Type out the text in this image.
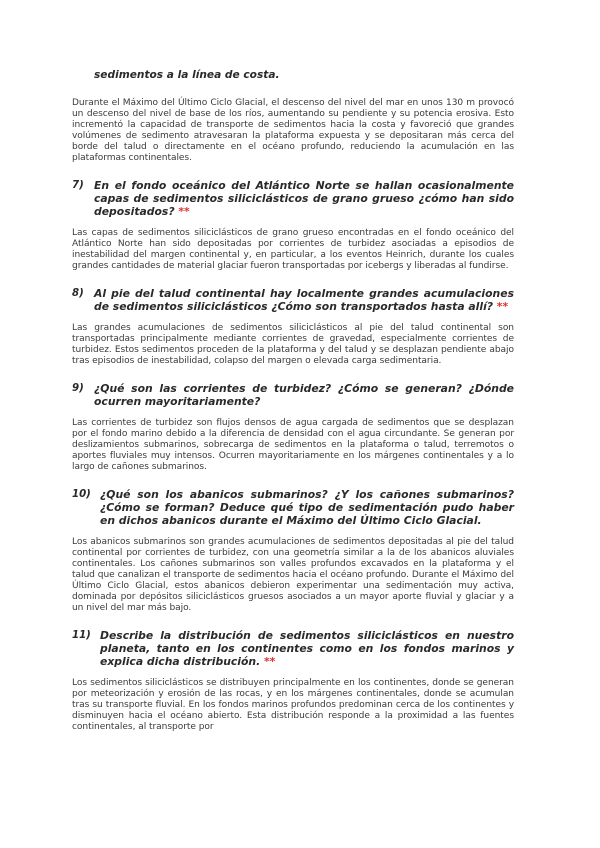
sedimentos a la línea de costa.
Durante el Máximo del Último Ciclo Glacial, el descenso del nivel del mar en unos 130 m provocó un descenso del nivel de base de los ríos, aumentando su pendiente y su potencia erosiva. Esto incrementó la capacidad de transporte de sedimentos hacia la costa y favoreció que grandes volúmenes de sedimento atravesaran la plataforma expuesta y se depositaran más cerca del borde del talud o directamente en el océano profundo, reduciendo la acumulación en las plataformas continentales.
7) En el fondo oceánico del Atlántico Norte se hallan ocasionalmente capas de sedimentos siliciclásticos de grano grueso ¿cómo han sido depositados? **
Las capas de sedimentos siliciclásticos de grano grueso encontradas en el fondo oceánico del Atlántico Norte han sido depositadas por corrientes de turbidez asociadas a episodios de inestabilidad del margen continental y, en particular, a los eventos Heinrich, durante los cuales grandes cantidades de material glaciar fueron transportadas por icebergs y liberadas al fundirse.
8) Al pie del talud continental hay localmente grandes acumulaciones de sedimentos siliciclásticos ¿Cómo son transportados hasta allí? **
Las grandes acumulaciones de sedimentos siliciclásticos al pie del talud continental son transportadas principalmente mediante corrientes de gravedad, especialmente corrientes de turbidez. Estos sedimentos proceden de la plataforma y del talud y se desplazan pendiente abajo tras episodios de inestabilidad, colapso del margen o elevada carga sedimentaria.
9) ¿Qué son las corrientes de turbidez? ¿Cómo se generan? ¿Dónde ocurren mayoritariamente?
Las corrientes de turbidez son flujos densos de agua cargada de sedimentos que se desplazan por el fondo marino debido a la diferencia de densidad con el agua circundante. Se generan por deslizamientos submarinos, sobrecarga de sedimentos en la plataforma o talud, terremotos o aportes fluviales muy intensos. Ocurren mayoritariamente en los márgenes continentales y a lo largo de cañones submarinos.
10) ¿Qué son los abanicos submarinos? ¿Y los cañones submarinos? ¿Cómo se forman? Deduce qué tipo de sedimentación pudo haber en dichos abanicos durante el Máximo del Último Ciclo Glacial.
Los abanicos submarinos son grandes acumulaciones de sedimentos depositadas al pie del talud continental por corrientes de turbidez, con una geometría similar a la de los abanicos aluviales continentales. Los cañones submarinos son valles profundos excavados en la plataforma y el talud que canalizan el transporte de sedimentos hacia el océano profundo. Durante el Máximo del Último Ciclo Glacial, estos abanicos debieron experimentar una sedimentación muy activa, dominada por depósitos siliciclásticos gruesos asociados a un mayor aporte fluvial y glaciar y a un nivel del mar más bajo.
11) Describe la distribución de sedimentos siliciclásticos en nuestro planeta, tanto en los continentes como en los fondos marinos y explica dicha distribución. **
Los sedimentos siliciclásticos se distribuyen principalmente en los continentes, donde se generan por meteorización y erosión de las rocas, y en los márgenes continentales, donde se acumulan tras su transporte fluvial. En los fondos marinos profundos predominan cerca de los continentes y disminuyen hacia el océano abierto. Esta distribución responde a la proximidad a las fuentes continentales, al transporte por
